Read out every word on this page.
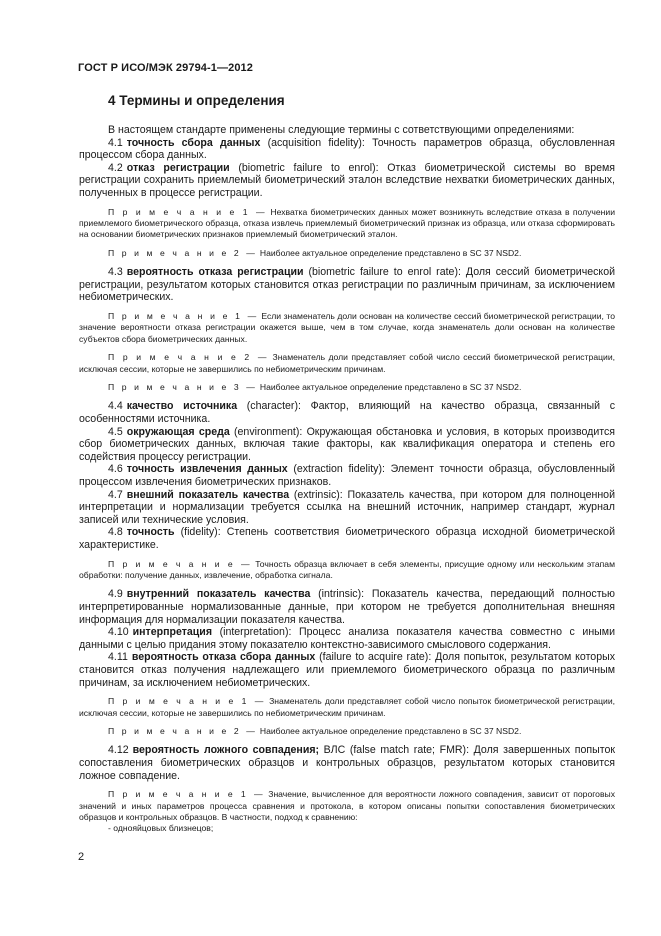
ГОСТ Р ИСО/МЭК 29794-1—2012
4 Термины и определения

В настоящем стандарте применены следующие термины с сответствующими определениями:

4.1 точность сбора данных (acquisition fidelity): Точность параметров образца, обусловленная процессом сбора данных.

4.2 отказ регистрации (biometric failure to enrol): Отказ биометрической системы во время регистрации сохранить приемлемый биометрический эталон вследствие нехватки биометрических данных, полученных в процессе регистрации.

П р и м е ч а н и е 1 — Нехватка биометрических данных может возникнуть вследствие отказа в получении приемлемого биометрического образца, отказа извлечь приемлемый биометрический признак из образца, или отказа сформировать на основании биометрических признаков приемлемый биометрический эталон.

П р и м е ч а н и е 2 — Наиболее актуальное определение представлено в SC 37 NSD2.

4.3 вероятность отказа регистрации (biometric failure to enrol rate): Доля сессий биометрической регистрации, результатом которых становится отказ регистрации по различным причинам, за исключением небиометрических.

П р и м е ч а н и е 1 — Если знаменатель доли основан на количестве сессий биометрической регистрации, то значение вероятности отказа регистрации окажется выше, чем в том случае, когда знаменатель доли основан на количестве субъектов сбора биометрических данных.

П р и м е ч а н и е 2 — Знаменатель доли представляет собой число сессий биометрической регистрации, исключая сессии, которые не завершились по небиометрическим причинам.

П р и м е ч а н и е 3 — Наиболее актуальное определение представлено в SC 37 NSD2.

4.4 качество источника (character): Фактор, влияющий на качество образца, связанный с особенностями источника.

4.5 окружающая среда (environment): Окружающая обстановка и условия, в которых производится сбор биометрических данных, включая такие факторы, как квалификация оператора и степень его содействия процессу регистрации.

4.6 точность извлечения данных (extraction fidelity): Элемент точности образца, обусловленный процессом извлечения биометрических признаков.

4.7 внешний показатель качества (extrinsic): Показатель качества, при котором для полноценной интерпретации и нормализации требуется ссылка на внешний источник, например стандарт, журнал записей или технические условия.

4.8 точность (fidelity): Степень соответствия биометрического образца исходной биометрической характеристике.

П р и м е ч а н и е — Точность образца включает в себя элементы, присущие одному или нескольким этапам обработки: получение данных, извлечение, обработка сигнала.

4.9 внутренний показатель качества (intrinsic): Показатель качества, передающий полностью интерпретированные нормализованные данные, при котором не требуется дополнительная внешняя информация для нормализации показателя качества.

4.10 интерпретация (interpretation): Процесс анализа показателя качества совместно с иными данными с целью придания этому показателю контекстно-зависимого смыслового содержания.

4.11 вероятность отказа сбора данных (failure to acquire rate): Доля попыток, результатом которых становится отказ получения надлежащего или приемлемого биометрического образца по различным причинам, за исключением небиометрических.

П р и м е ч а н и е 1 — Знаменатель доли представляет собой число попыток биометрической регистрации, исключая сессии, которые не завершились по небиометрическим причинам.

П р и м е ч а н и е 2 — Наиболее актуальное определение представлено в SC 37 NSD2.

4.12 вероятность ложного совпадения; ВЛС (false match rate; FMR): Доля завершенных попыток сопоставления биометрических образцов и контрольных образцов, результатом которых становится ложное совпадение.

П р и м е ч а н и е 1 — Значение, вычисленное для вероятности ложного совпадения, зависит от пороговых значений и иных параметров процесса сравнения и протокола, в котором описаны попытки сопоставления биометрических образцов и контрольных образцов. В частности, подход к сравнению:

- однояйцовых близнецов;

2
